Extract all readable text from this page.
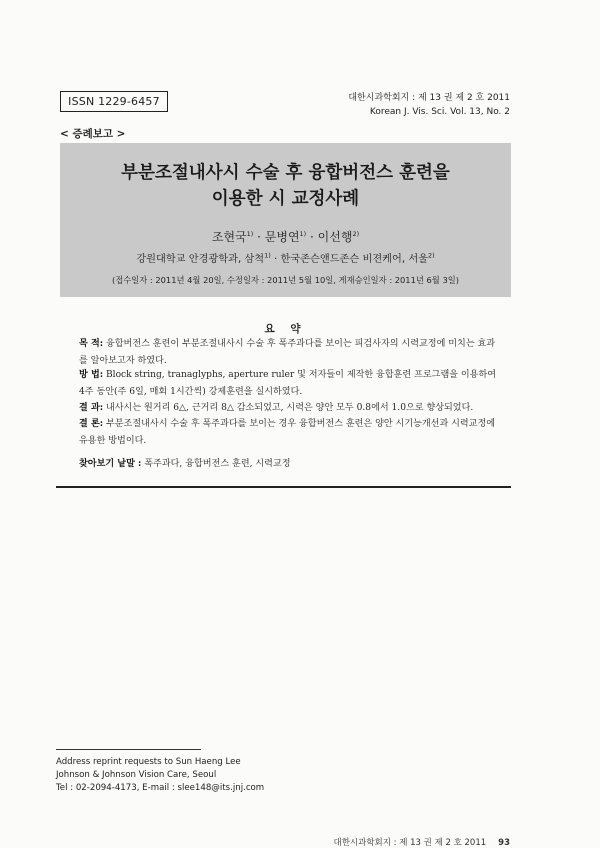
ISSN 1229-6457	대한시과학회지 : 제 13 권 제 2 호 2011
Korean J. Vis. Sci. Vol. 13, No. 2
< 증례보고 >
부분조절내사시 수술 후 융합버전스 훈련을
이용한 시 교정사례
조현국$^{1)}$ · 문병연$^{1)}$ · 이선행$^{2)}$
강원대학교 안경광학과, 삼척$^{1)}$ · 한국존슨앤드존슨 비젼케어, 서울$^{2)}$
(접수일자 : 2011년 4월 20일, 수정일자 : 2011년 5월 10일, 게재승인일자 : 2011년 6월 3일)
요 약
목 적: 융합버전스 훈련이 부분조절내사시 수술 후 폭주과다를 보이는 피검사자의 시력교정에 미치는 효과를 알아보고자 하였다.
방 법: Block string, tranaglyphs, aperture ruler 및 저자들이 제작한 융합훈련 프로그램을 이용하여 4주 동안(주 6일, 매회 1시간씩) 강제훈련을 실시하였다.
결 과: 내사시는 원거리 6△, 근거리 8△ 감소되었고, 시력은 양안 모두 0.8에서 1.0으로 향상되었다.
결 론: 부분조절내사시 수술 후 폭주과다를 보이는 경우 융합버전스 훈련은 양안 시기능개선과 시력교정에 유용한 방법이다.
찾아보기 낱말 : 폭주과다, 융합버전스 훈련, 시력교정
Address reprint requests to Sun Haeng Lee
Johnson & Johnson Vision Care, Seoul
Tel : 02-2094-4173, E-mail : slee148@its.jnj.com
대한시과학회지 : 제 13 권 제 2 호 2011 93
